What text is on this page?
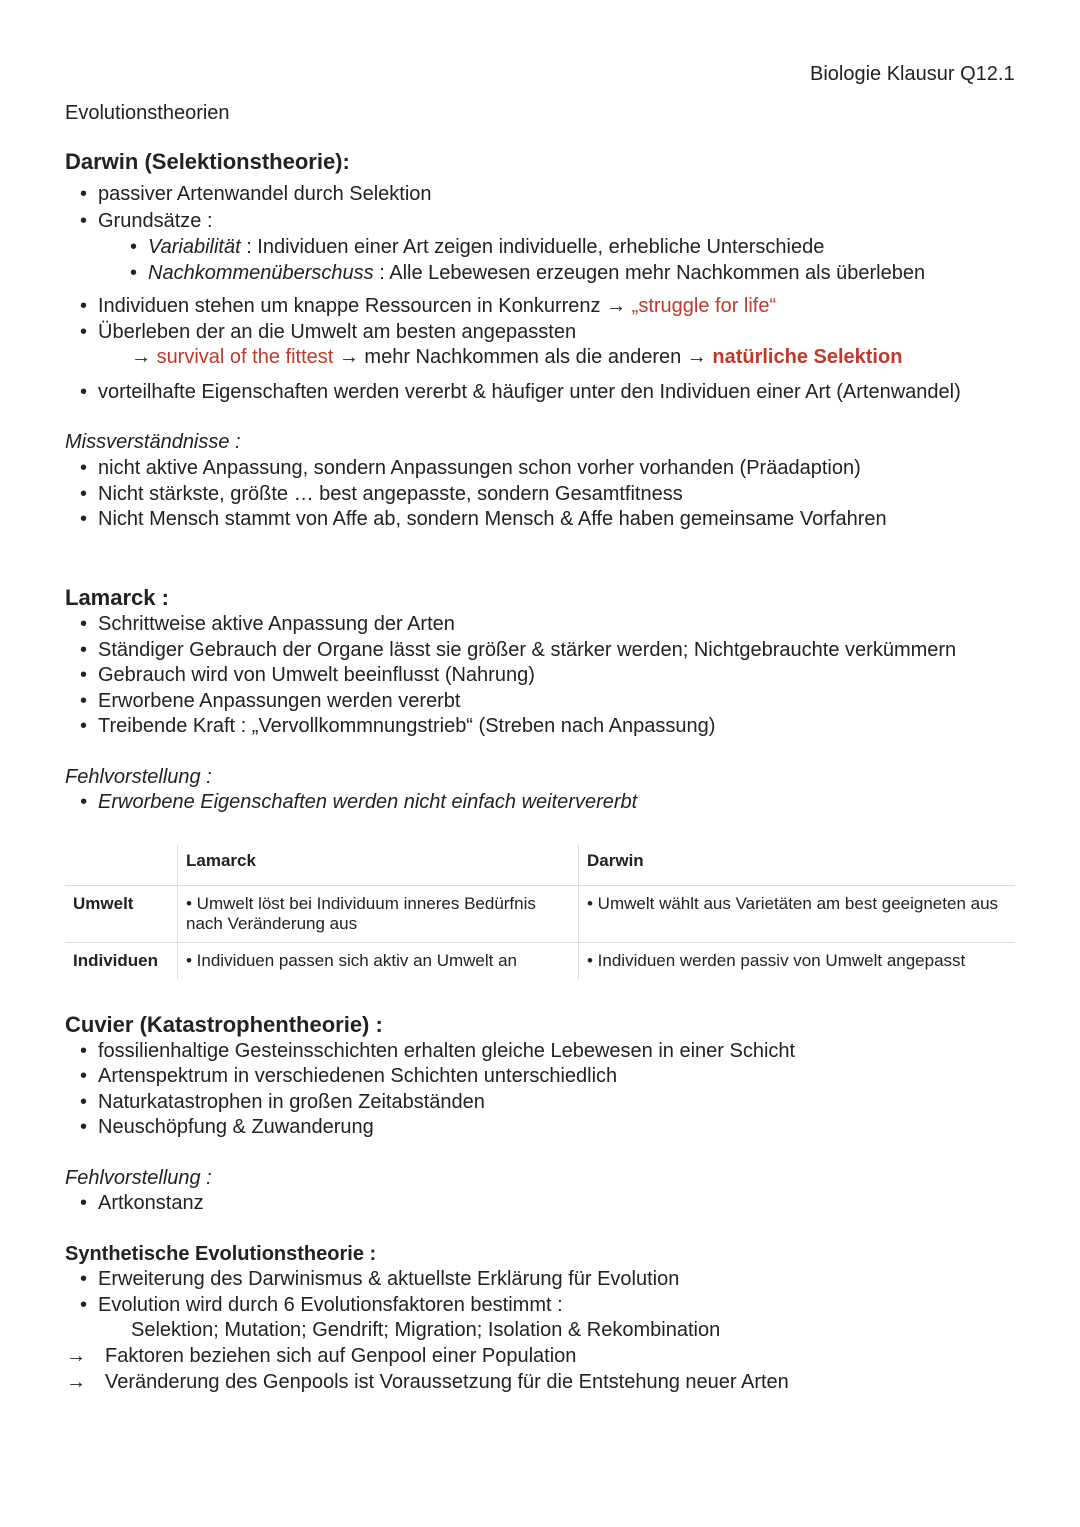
Biologie Klausur Q12.1
Evolutionstheorien
Darwin (Selektionstheorie):
• passiver Artenwandel durch Selektion
• Grundsätze :
• Variabilität : Individuen einer Art zeigen individuelle, erhebliche Unterschiede
• Nachkommenüberschuss : Alle Lebewesen erzeugen mehr Nachkommen als überleben
• Individuen stehen um knappe Ressourcen in Konkurrenz → „struggle for life“
• Überleben der an die Umwelt am besten angepassten
→ survival of the fittest → mehr Nachkommen als die anderen → natürliche Selektion
• vorteilhafte Eigenschaften werden vererbt & häufiger unter den Individuen einer Art (Artenwandel)
Missverständnisse :
• nicht aktive Anpassung, sondern Anpassungen schon vorher vorhanden (Präadaption)
• Nicht stärkste, größte … best angepasste, sondern Gesamtfitness
• Nicht Mensch stammt von Affe ab, sondern Mensch & Affe haben gemeinsame Vorfahren
Lamarck :
• Schrittweise aktive Anpassung der Arten
• Ständiger Gebrauch der Organe lässt sie größer & stärker werden; Nichtgebrauchte verkümmern
• Gebrauch wird von Umwelt beeinflusst (Nahrung)
• Erworbene Anpassungen werden vererbt
• Treibende Kraft : „Vervollkommnungstrieb“ (Streben nach Anpassung)
Fehlvorstellung :
• Erworbene Eigenschaften werden nicht einfach weitervererbt
	Lamarck	Darwin
Umwelt	• Umwelt löst bei Individuum inneres Bedürfnis nach Veränderung aus	• Umwelt wählt aus Varietäten am best geeigneten aus
Individuen	• Individuen passen sich aktiv an Umwelt an	• Individuen werden passiv von Umwelt angepasst
Cuvier (Katastrophentheorie) :
• fossilienhaltige Gesteinsschichten erhalten gleiche Lebewesen in einer Schicht
• Artenspektrum in verschiedenen Schichten unterschiedlich
• Naturkatastrophen in großen Zeitabständen
• Neuschöpfung & Zuwanderung
Fehlvorstellung :
• Artkonstanz
Synthetische Evolutionstheorie :
• Erweiterung des Darwinismus & aktuellste Erklärung für Evolution
• Evolution wird durch 6 Evolutionsfaktoren bestimmt :
Selektion; Mutation; Gendrift; Migration; Isolation & Rekombination
→ Faktoren beziehen sich auf Genpool einer Population
→ Veränderung des Genpools ist Voraussetzung für die Entstehung neuer Arten
